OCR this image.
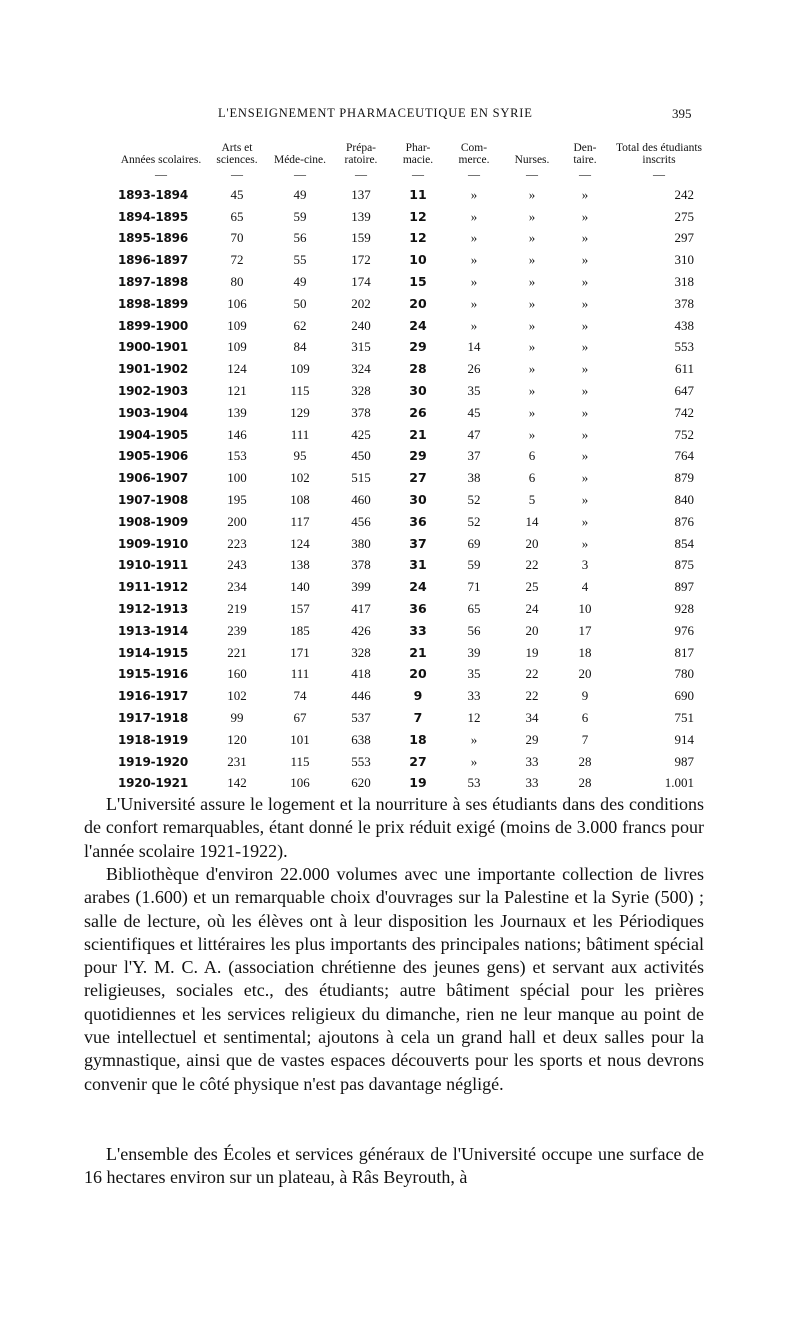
L'ENSEIGNEMENT PHARMACEUTIQUE EN SYRIE	395
Années scolaires.	Arts et sciences.	Méde-cine.	Prépa-ratoire.	Phar-macie.	Com-merce.	Nurses.	Den-taire.	Total des étudiants inscrits
—	—	—	—	—	—	—	—	—
1893-1894	45	49	137	11	»	»	»	242
1894-1895	65	59	139	12	»	»	»	275
1895-1896	70	56	159	12	»	»	»	297
1896-1897	72	55	172	10	»	»	»	310
1897-1898	80	49	174	15	»	»	»	318
1898-1899	106	50	202	20	»	»	»	378
1899-1900	109	62	240	24	»	»	»	438
1900-1901	109	84	315	29	14	»	»	553
1901-1902	124	109	324	28	26	»	»	611
1902-1903	121	115	328	30	35	»	»	647
1903-1904	139	129	378	26	45	»	»	742
1904-1905	146	111	425	21	47	»	»	752
1905-1906	153	95	450	29	37	6	»	764
1906-1907	100	102	515	27	38	6	»	879
1907-1908	195	108	460	30	52	5	»	840
1908-1909	200	117	456	36	52	14	»	876
1909-1910	223	124	380	37	69	20	»	854
1910-1911	243	138	378	31	59	22	3	875
1911-1912	234	140	399	24	71	25	4	897
1912-1913	219	157	417	36	65	24	10	928
1913-1914	239	185	426	33	56	20	17	976
1914-1915	221	171	328	21	39	19	18	817
1915-1916	160	111	418	20	35	22	20	780
1916-1917	102	74	446	9	33	22	9	690
1917-1918	99	67	537	7	12	34	6	751
1918-1919	120	101	638	18	»	29	7	914
1919-1920	231	115	553	27	»	33	28	987
1920-1921	142	106	620	19	53	33	28	1.001

L'Université assure le logement et la nourriture à ses étudiants dans des conditions de confort remarquables, étant donné le prix réduit exigé (moins de 3.000 francs pour l'année scolaire 1921-1922).

Bibliothèque d'environ 22.000 volumes avec une importante collection de livres arabes (1.600) et un remarquable choix d'ouvrages sur la Palestine et la Syrie (500) ; salle de lecture, où les élèves ont à leur disposition les Journaux et les Périodiques scientifiques et littéraires les plus importants des principales nations; bâtiment spécial pour l'Y. M. C. A. (association chrétienne des jeunes gens) et servant aux activités religieuses, sociales etc., des étudiants; autre bâtiment spécial pour les prières quotidiennes et les services religieux du dimanche, rien ne leur manque au point de vue intellectuel et sentimental; ajoutons à cela un grand hall et deux salles pour la gymnastique, ainsi que de vastes espaces découverts pour les sports et nous devrons convenir que le côté physique n'est pas davantage négligé.

L'ensemble des Écoles et services généraux de l'Université occupe une surface de 16 hectares environ sur un plateau, à Râs Beyrouth, à
